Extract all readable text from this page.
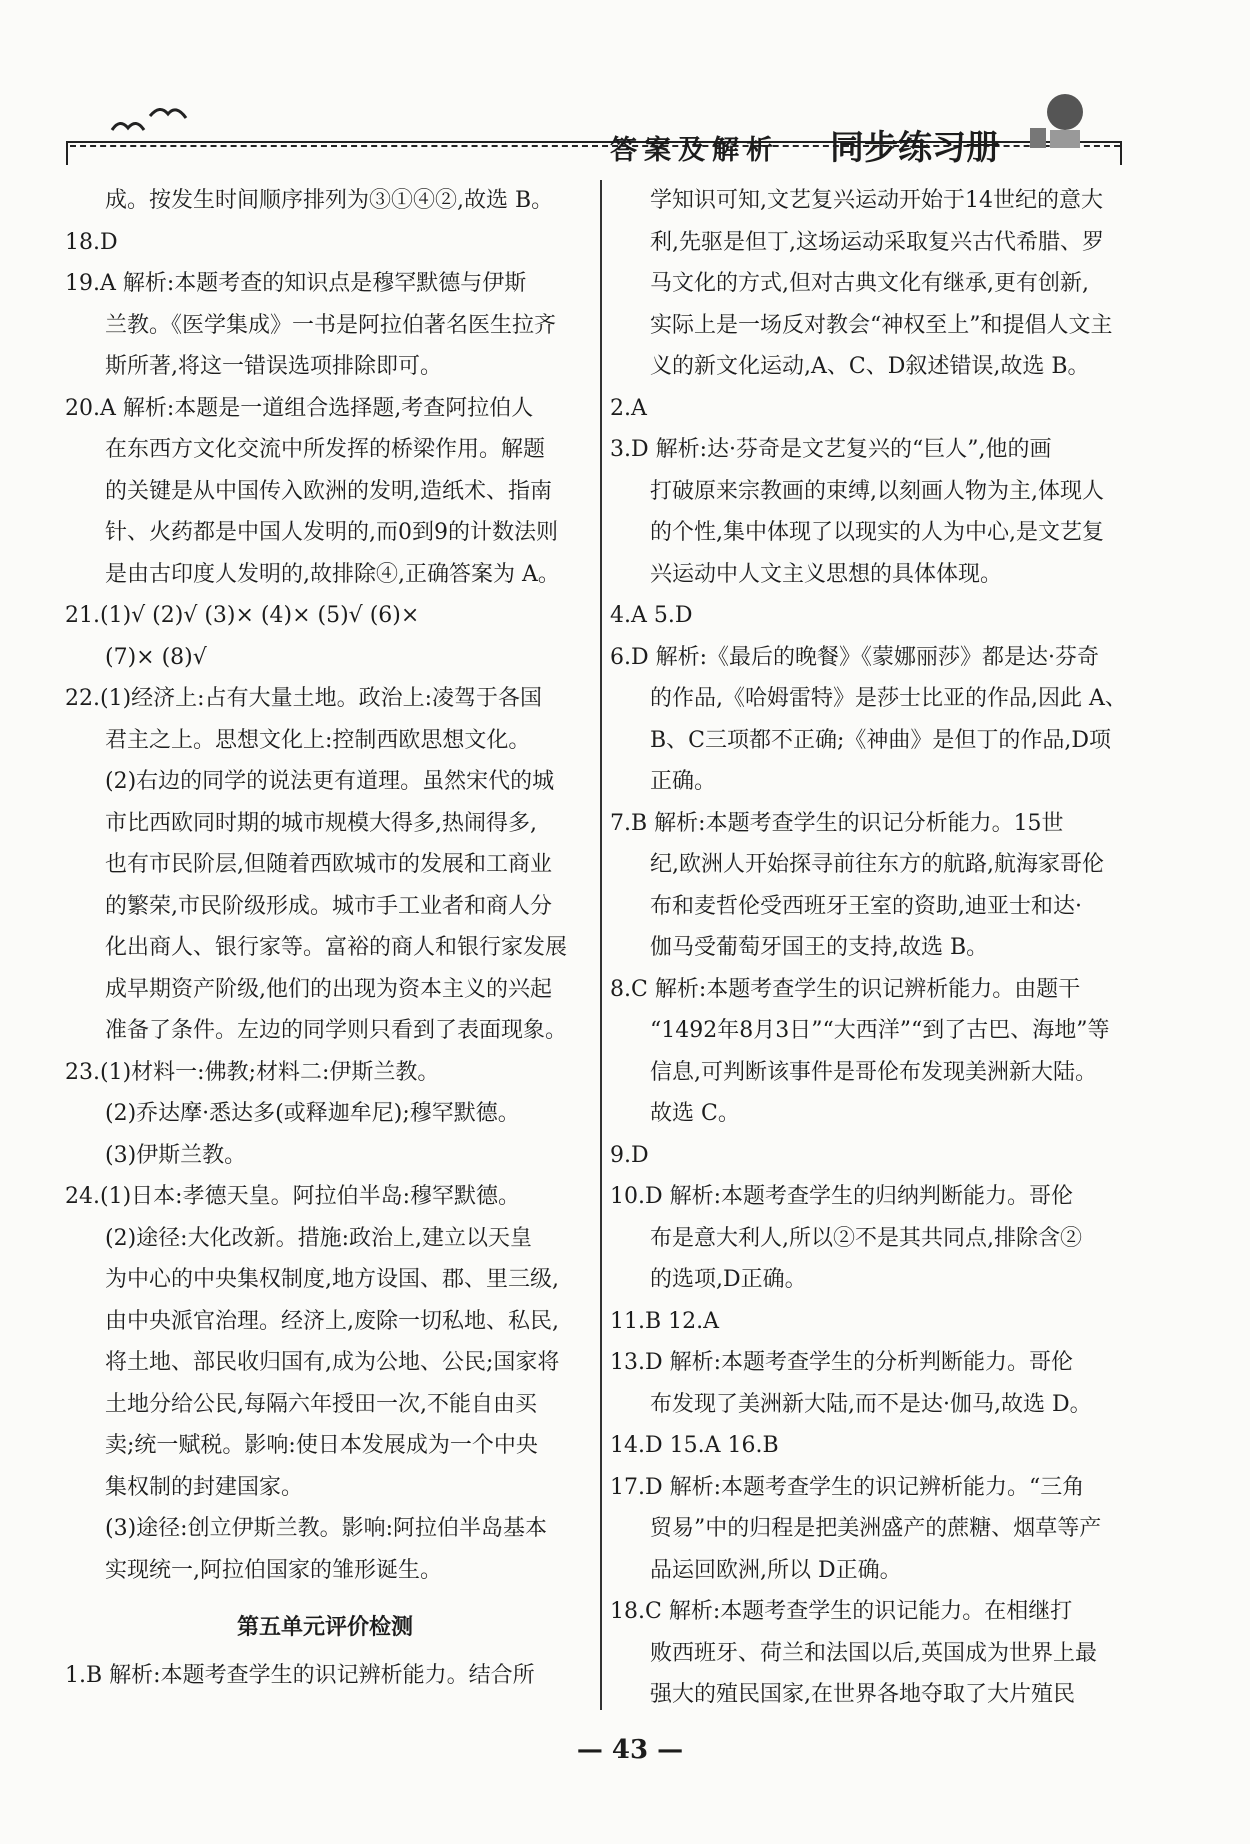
答案及解析 同步练习册
成。按发生时间顺序排列为③①④②,故选 B。
18.D
19.A 解析:本题考查的知识点是穆罕默德与伊斯
兰教。《医学集成》一书是阿拉伯著名医生拉齐
斯所著,将这一错误选项排除即可。
20.A 解析:本题是一道组合选择题,考查阿拉伯人
在东西方文化交流中所发挥的桥梁作用。解题
的关键是从中国传入欧洲的发明,造纸术、指南
针、火药都是中国人发明的,而0到9的计数法则
是由古印度人发明的,故排除④,正确答案为 A。
21.(1)√ (2)√ (3)× (4)× (5)√ (6)×
(7)× (8)√
22.(1)经济上:占有大量土地。政治上:凌驾于各国
君主之上。思想文化上:控制西欧思想文化。
(2)右边的同学的说法更有道理。虽然宋代的城
市比西欧同时期的城市规模大得多,热闹得多,
也有市民阶层,但随着西欧城市的发展和工商业
的繁荣,市民阶级形成。城市手工业者和商人分
化出商人、银行家等。富裕的商人和银行家发展
成早期资产阶级,他们的出现为资本主义的兴起
准备了条件。左边的同学则只看到了表面现象。
23.(1)材料一:佛教;材料二:伊斯兰教。
(2)乔达摩·悉达多(或释迦牟尼);穆罕默德。
(3)伊斯兰教。
24.(1)日本:孝德天皇。阿拉伯半岛:穆罕默德。
(2)途径:大化改新。措施:政治上,建立以天皇
为中心的中央集权制度,地方设国、郡、里三级,
由中央派官治理。经济上,废除一切私地、私民,
将土地、部民收归国有,成为公地、公民;国家将
土地分给公民,每隔六年授田一次,不能自由买
卖;统一赋税。影响:使日本发展成为一个中央
集权制的封建国家。
(3)途径:创立伊斯兰教。影响:阿拉伯半岛基本
实现统一,阿拉伯国家的雏形诞生。
第五单元评价检测
1.B 解析:本题考查学生的识记辨析能力。结合所
学知识可知,文艺复兴运动开始于14世纪的意大
利,先驱是但丁,这场运动采取复兴古代希腊、罗
马文化的方式,但对古典文化有继承,更有创新,
实际上是一场反对教会“神权至上”和提倡人文主
义的新文化运动,A、C、D叙述错误,故选 B。
2.A
3.D 解析:达·芬奇是文艺复兴的“巨人”,他的画
打破原来宗教画的束缚,以刻画人物为主,体现人
的个性,集中体现了以现实的人为中心,是文艺复
兴运动中人文主义思想的具体体现。
4.A 5.D
6.D 解析:《最后的晚餐》《蒙娜丽莎》都是达·芬奇
的作品,《哈姆雷特》是莎士比亚的作品,因此 A、
B、C三项都不正确;《神曲》是但丁的作品,D项
正确。
7.B 解析:本题考查学生的识记分析能力。15世
纪,欧洲人开始探寻前往东方的航路,航海家哥伦
布和麦哲伦受西班牙王室的资助,迪亚士和达·
伽马受葡萄牙国王的支持,故选 B。
8.C 解析:本题考查学生的识记辨析能力。由题干
“1492年8月3日”“大西洋”“到了古巴、海地”等
信息,可判断该事件是哥伦布发现美洲新大陆。
故选 C。
9.D
10.D 解析:本题考查学生的归纳判断能力。哥伦
布是意大利人,所以②不是其共同点,排除含②
的选项,D正确。
11.B 12.A
13.D 解析:本题考查学生的分析判断能力。哥伦
布发现了美洲新大陆,而不是达·伽马,故选 D。
14.D 15.A 16.B
17.D 解析:本题考查学生的识记辨析能力。“三角
贸易”中的归程是把美洲盛产的蔗糖、烟草等产
品运回欧洲,所以 D正确。
18.C 解析:本题考查学生的识记能力。在相继打
败西班牙、荷兰和法国以后,英国成为世界上最
强大的殖民国家,在世界各地夺取了大片殖民
— 43 —
